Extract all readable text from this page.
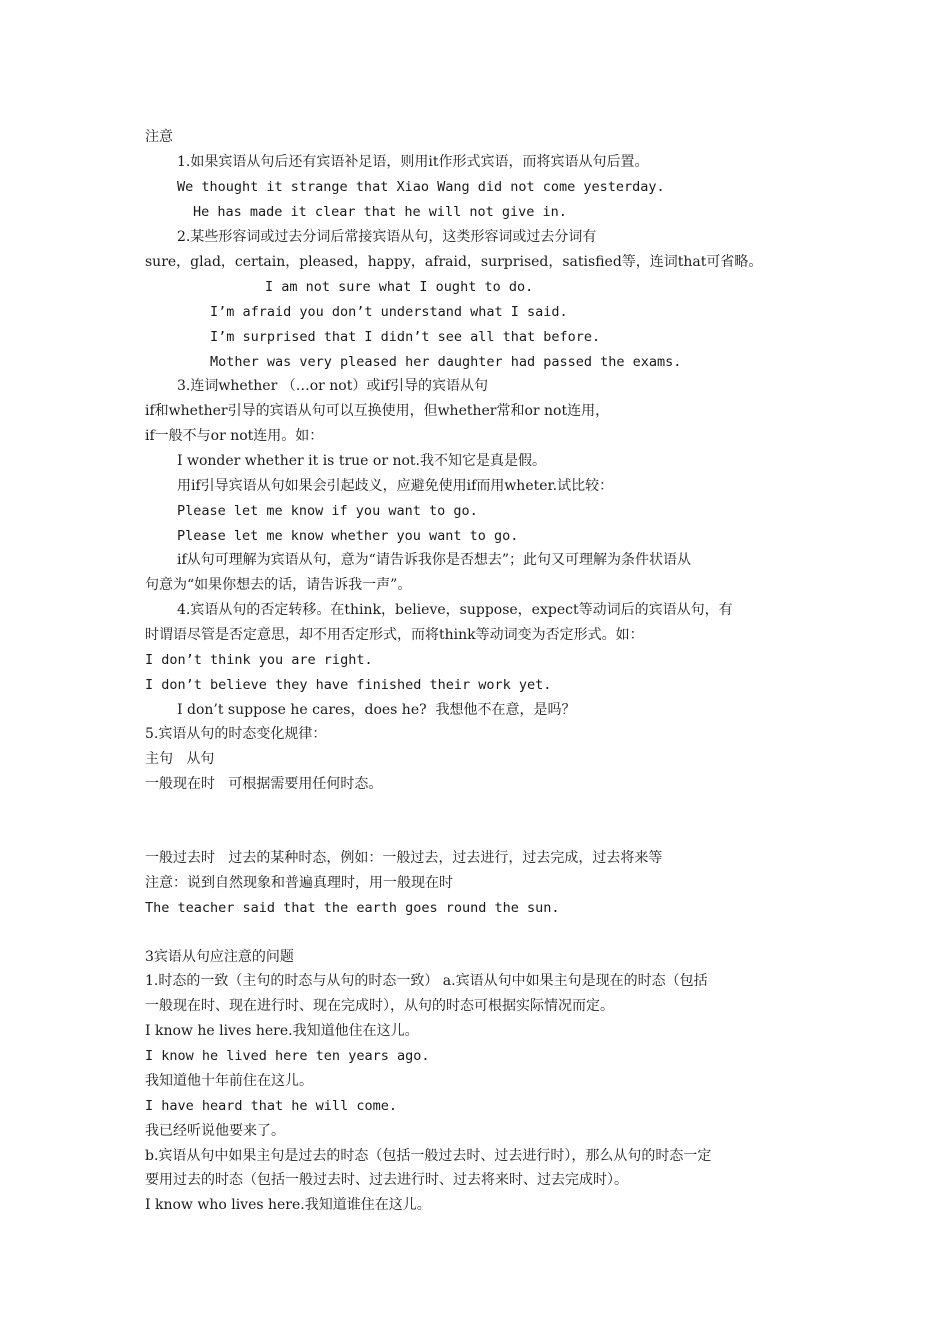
注意
1.如果宾语从句后还有宾语补足语，则用it作形式宾语，而将宾语从句后置。
We thought it strange that Xiao Wang did not come yesterday.
He has made it clear that he will not give in.
2.某些形容词或过去分词后常接宾语从句，这类形容词或过去分词有
sure，glad，certain，pleased，happy，afraid，surprised，satisfied等，连词that可省略。
I am not sure what I ought to do.
I’m afraid you don’t understand what I said.
I’m surprised that I didn’t see all that before.
Mother was very pleased her daughter had passed the exams.
3.连词whether （…or not）或if引导的宾语从句
if和whether引导的宾语从句可以互换使用，但whether常和or not连用，
if一般不与or not连用。如：
I wonder whether it is true or not.我不知它是真是假。
用if引导宾语从句如果会引起歧义，应避免使用if而用wheter.试比较：
Please let me know if you want to go.
Please let me know whether you want to go.
if从句可理解为宾语从句，意为“请告诉我你是否想去”；此句又可理解为条件状语从
句意为“如果你想去的话，请告诉我一声”。
4.宾语从句的否定转移。在think，believe，suppose，expect等动词后的宾语从句，有
时谓语尽管是否定意思，却不用否定形式，而将think等动词变为否定形式。如：
I don’t think you are right.
I don’t believe they have finished their work yet.
I don’t suppose he cares，does he?  我想他不在意，是吗？
5.宾语从句的时态变化规律：
主句   从句
一般现在时   可根据需要用任何时态。
一般过去时   过去的某种时态，例如：一般过去，过去进行，过去完成，过去将来等
注意：说到自然现象和普遍真理时，用一般现在时
The teacher said that the earth goes round the sun.
3宾语从句应注意的问题
1.时态的一致（主句的时态与从句的时态一致） a.宾语从句中如果主句是现在的时态（包括
一般现在时、现在进行时、现在完成时），从句的时态可根据实际情况而定。
I know he lives here.我知道他住在这儿。
I know he lived here ten years ago.
我知道他十年前住在这儿。
I have heard that he will come.
我已经听说他要来了。
b.宾语从句中如果主句是过去的时态（包括一般过去时、过去进行时），那么从句的时态一定
要用过去的时态（包括一般过去时、过去进行时、过去将来时、过去完成时）。
I know who lives here.我知道谁住在这儿。
